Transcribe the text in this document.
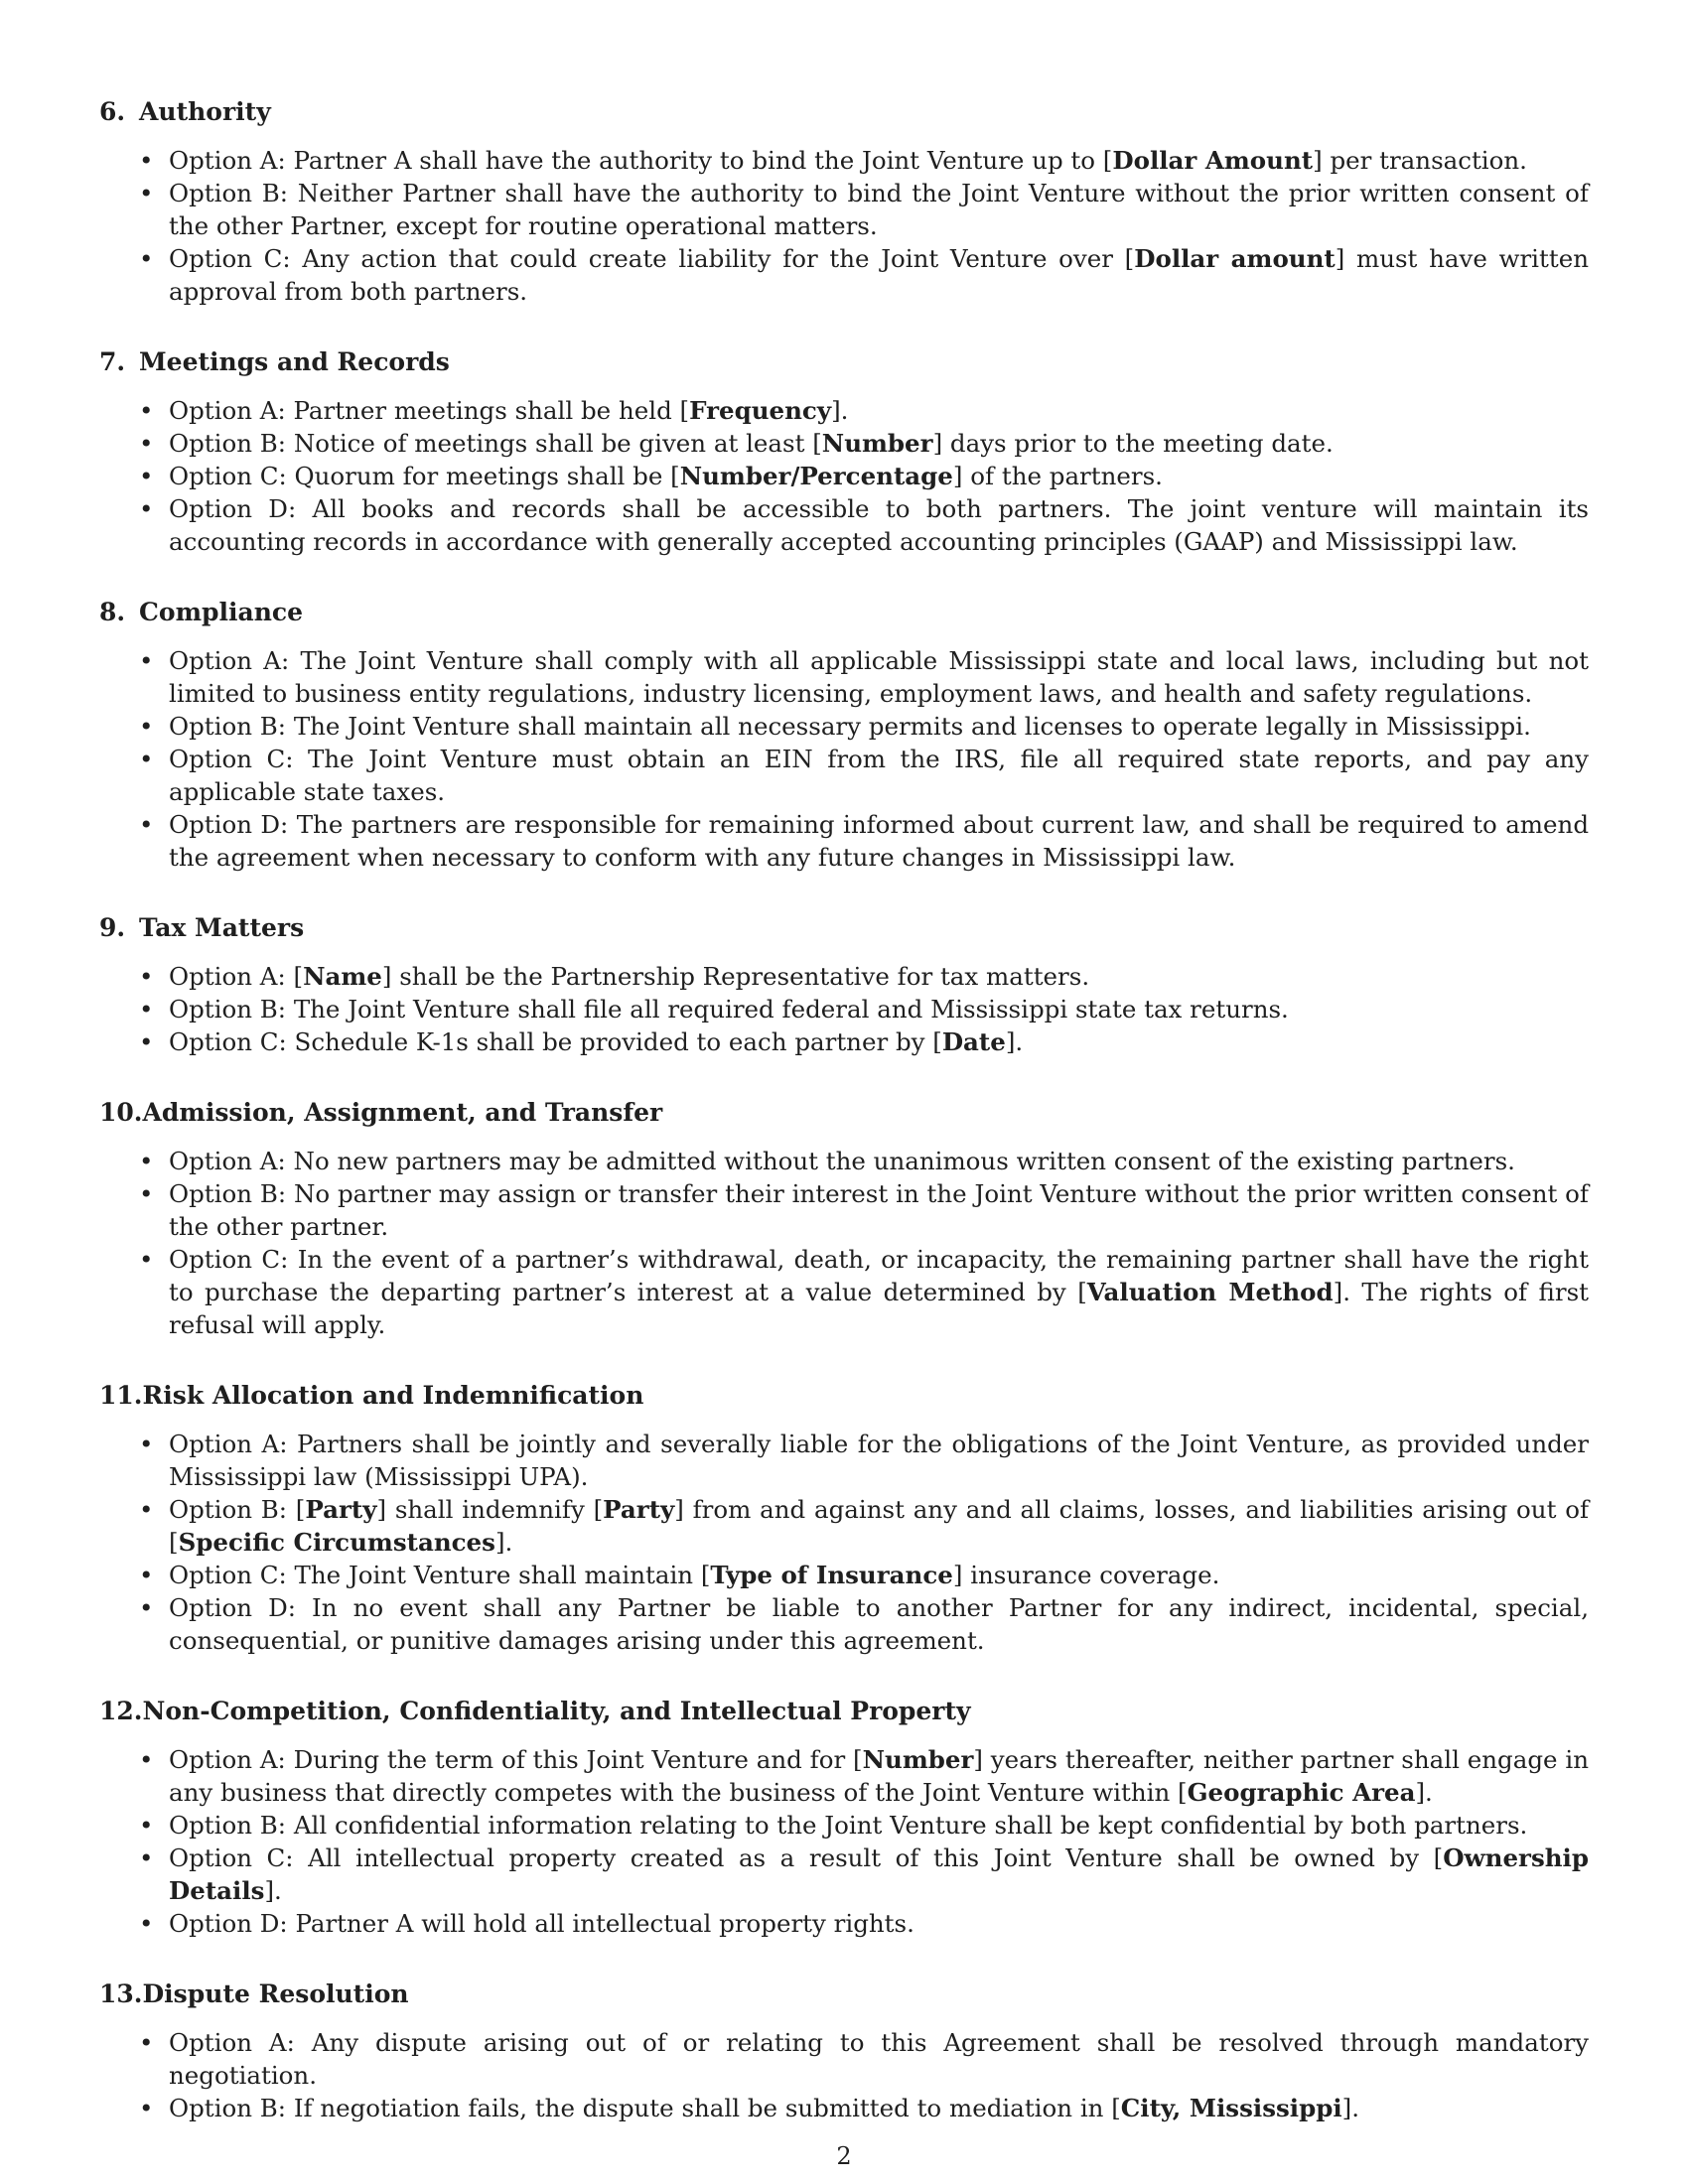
6. Authority
• Option A: Partner A shall have the authority to bind the Joint Venture up to [Dollar Amount] per transaction.
• Option B: Neither Partner shall have the authority to bind the Joint Venture without the prior written consent of the other Partner, except for routine operational matters.
• Option C: Any action that could create liability for the Joint Venture over [Dollar amount] must have written approval from both partners.
7. Meetings and Records
• Option A: Partner meetings shall be held [Frequency].
• Option B: Notice of meetings shall be given at least [Number] days prior to the meeting date.
• Option C: Quorum for meetings shall be [Number/Percentage] of the partners.
• Option D: All books and records shall be accessible to both partners. The joint venture will maintain its accounting records in accordance with generally accepted accounting principles (GAAP) and Mississippi law.
8. Compliance
• Option A: The Joint Venture shall comply with all applicable Mississippi state and local laws, including but not limited to business entity regulations, industry licensing, employment laws, and health and safety regulations.
• Option B: The Joint Venture shall maintain all necessary permits and licenses to operate legally in Mississippi.
• Option C: The Joint Venture must obtain an EIN from the IRS, file all required state reports, and pay any applicable state taxes.
• Option D: The partners are responsible for remaining informed about current law, and shall be required to amend the agreement when necessary to conform with any future changes in Mississippi law.
9. Tax Matters
• Option A: [Name] shall be the Partnership Representative for tax matters.
• Option B: The Joint Venture shall file all required federal and Mississippi state tax returns.
• Option C: Schedule K-1s shall be provided to each partner by [Date].
10. Admission, Assignment, and Transfer
• Option A: No new partners may be admitted without the unanimous written consent of the existing partners.
• Option B: No partner may assign or transfer their interest in the Joint Venture without the prior written consent of the other partner.
• Option C: In the event of a partner’s withdrawal, death, or incapacity, the remaining partner shall have the right to purchase the departing partner’s interest at a value determined by [Valuation Method]. The rights of first refusal will apply.
11. Risk Allocation and Indemnification
• Option A: Partners shall be jointly and severally liable for the obligations of the Joint Venture, as provided under Mississippi law (Mississippi UPA).
• Option B: [Party] shall indemnify [Party] from and against any and all claims, losses, and liabilities arising out of [Specific Circumstances].
• Option C: The Joint Venture shall maintain [Type of Insurance] insurance coverage.
• Option D: In no event shall any Partner be liable to another Partner for any indirect, incidental, special, consequential, or punitive damages arising under this agreement.
12. Non-Competition, Confidentiality, and Intellectual Property
• Option A: During the term of this Joint Venture and for [Number] years thereafter, neither partner shall engage in any business that directly competes with the business of the Joint Venture within [Geographic Area].
• Option B: All confidential information relating to the Joint Venture shall be kept confidential by both partners.
• Option C: All intellectual property created as a result of this Joint Venture shall be owned by [Ownership Details].
• Option D: Partner A will hold all intellectual property rights.
13. Dispute Resolution
• Option A: Any dispute arising out of or relating to this Agreement shall be resolved through mandatory negotiation.
• Option B: If negotiation fails, the dispute shall be submitted to mediation in [City, Mississippi].
2
